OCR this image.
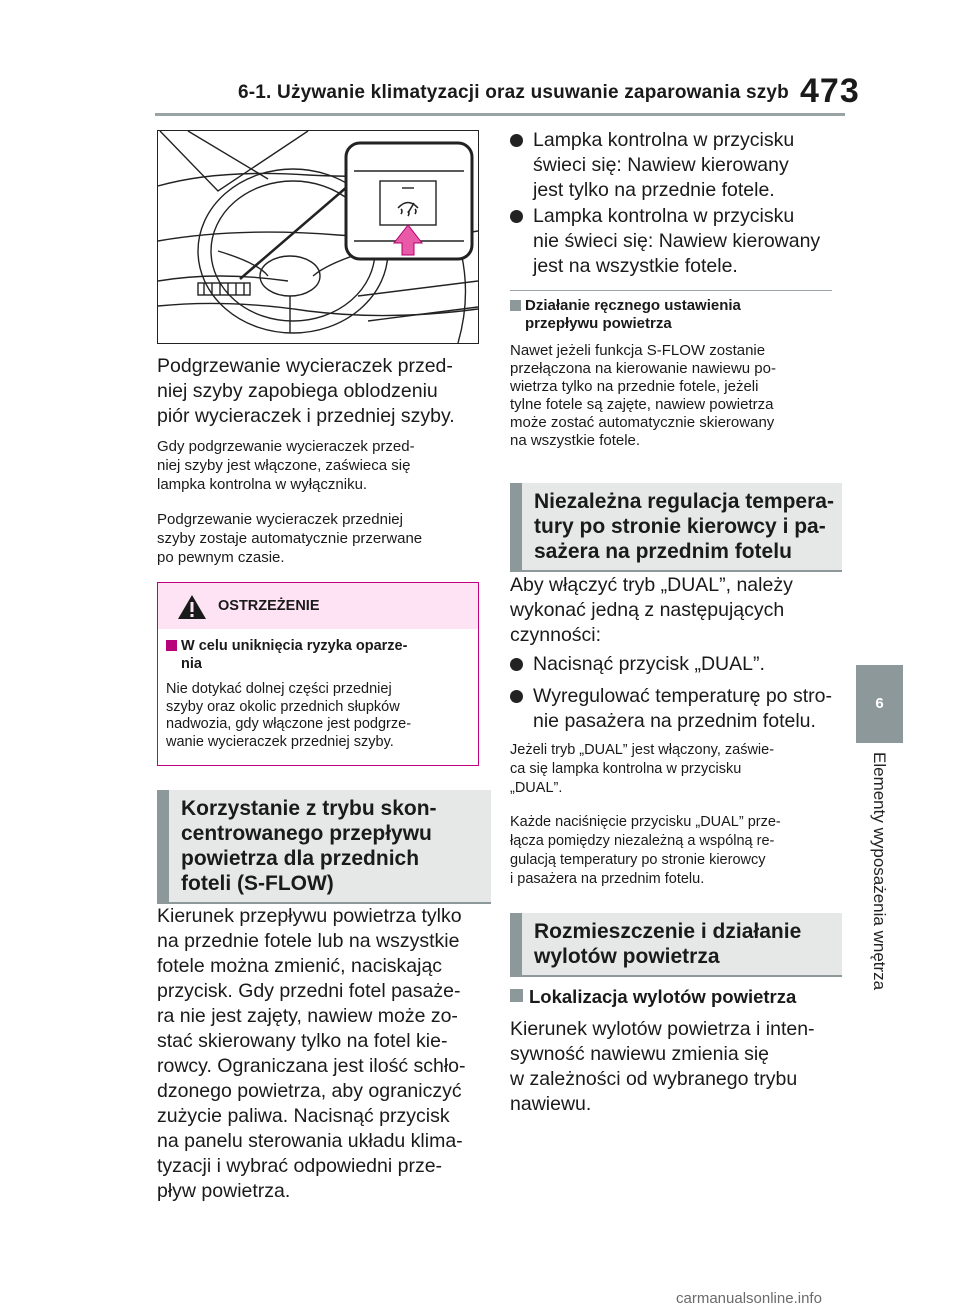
6-1. Używanie klimatyzacji oraz usuwanie zaparowania szyb 473
6
Elementy wyposażenia wnętrza

Podgrzewanie wycieraczek przed-

niej szyby zapobiega oblodzeniu

piór wycieraczek i przedniej szyby.

Gdy podgrzewanie wycieraczek przed-

niej szyby jest włączone, zaświeca się

lampka kontrolna w wyłączniku.

Podgrzewanie wycieraczek przedniej

szyby zostaje automatycznie przerwane

po pewnym czasie.

OSTRZEŻENIE
W celu uniknięcia ryzyka oparze-
nia

Nie dotykać dolnej części przedniej

szyby oraz okolic przednich słupków

nadwozia, gdy włączone jest podgrze-

wanie wycieraczek przedniej szyby.

Korzystanie z trybu skon-
centrowanego przepływu
powietrza dla przednich
foteli (S-FLOW)

Kierunek przepływu powietrza tylko

na przednie fotele lub na wszystkie

fotele można zmienić, naciskając

przycisk. Gdy przedni fotel pasaże-

ra nie jest zajęty, nawiew może zo-

stać skierowany tylko na fotel kie-

rowcy. Ograniczana jest ilość schło-

dzonego powietrza, aby ograniczyć

zużycie paliwa. Nacisnąć przycisk

na panelu sterowania układu klima-

tyzacji i wybrać odpowiedni prze-

pływ powietrza.

Lampka kontrolna w przycisku

świeci się: Nawiew kierowany

jest tylko na przednie fotele.

Lampka kontrolna w przycisku

nie świeci się: Nawiew kierowany

jest na wszystkie fotele.

Działanie ręcznego ustawienia
przepływu powietrza

Nawet jeżeli funkcja S-FLOW zostanie

przełączona na kierowanie nawiewu po-

wietrza tylko na przednie fotele, jeżeli

tylne fotele są zajęte, nawiew powietrza

może zostać automatycznie skierowany

na wszystkie fotele.

Niezależna regulacja tempera-
tury po stronie kierowcy i pa-
sażera na przednim fotelu

Aby włączyć tryb „DUAL”, należy

wykonać jedną z następujących

czynności:

Nacisnąć przycisk „DUAL”.

Wyregulować temperaturę po stro-

nie pasażera na przednim fotelu.

Jeżeli tryb „DUAL” jest włączony, zaświe-

ca się lampka kontrolna w przycisku

„DUAL”.

Każde naciśnięcie przycisku „DUAL” prze-

łącza pomiędzy niezależną a wspólną re-

gulacją temperatury po stronie kierowcy

i pasażera na przednim fotelu.

Rozmieszczenie i działanie
wylotów powietrza
Lokalizacja wylotów powietrza

Kierunek wylotów powietrza i inten-

sywność nawiewu zmienia się

w zależności od wybranego trybu

nawiewu.

carmanualsonline.info
